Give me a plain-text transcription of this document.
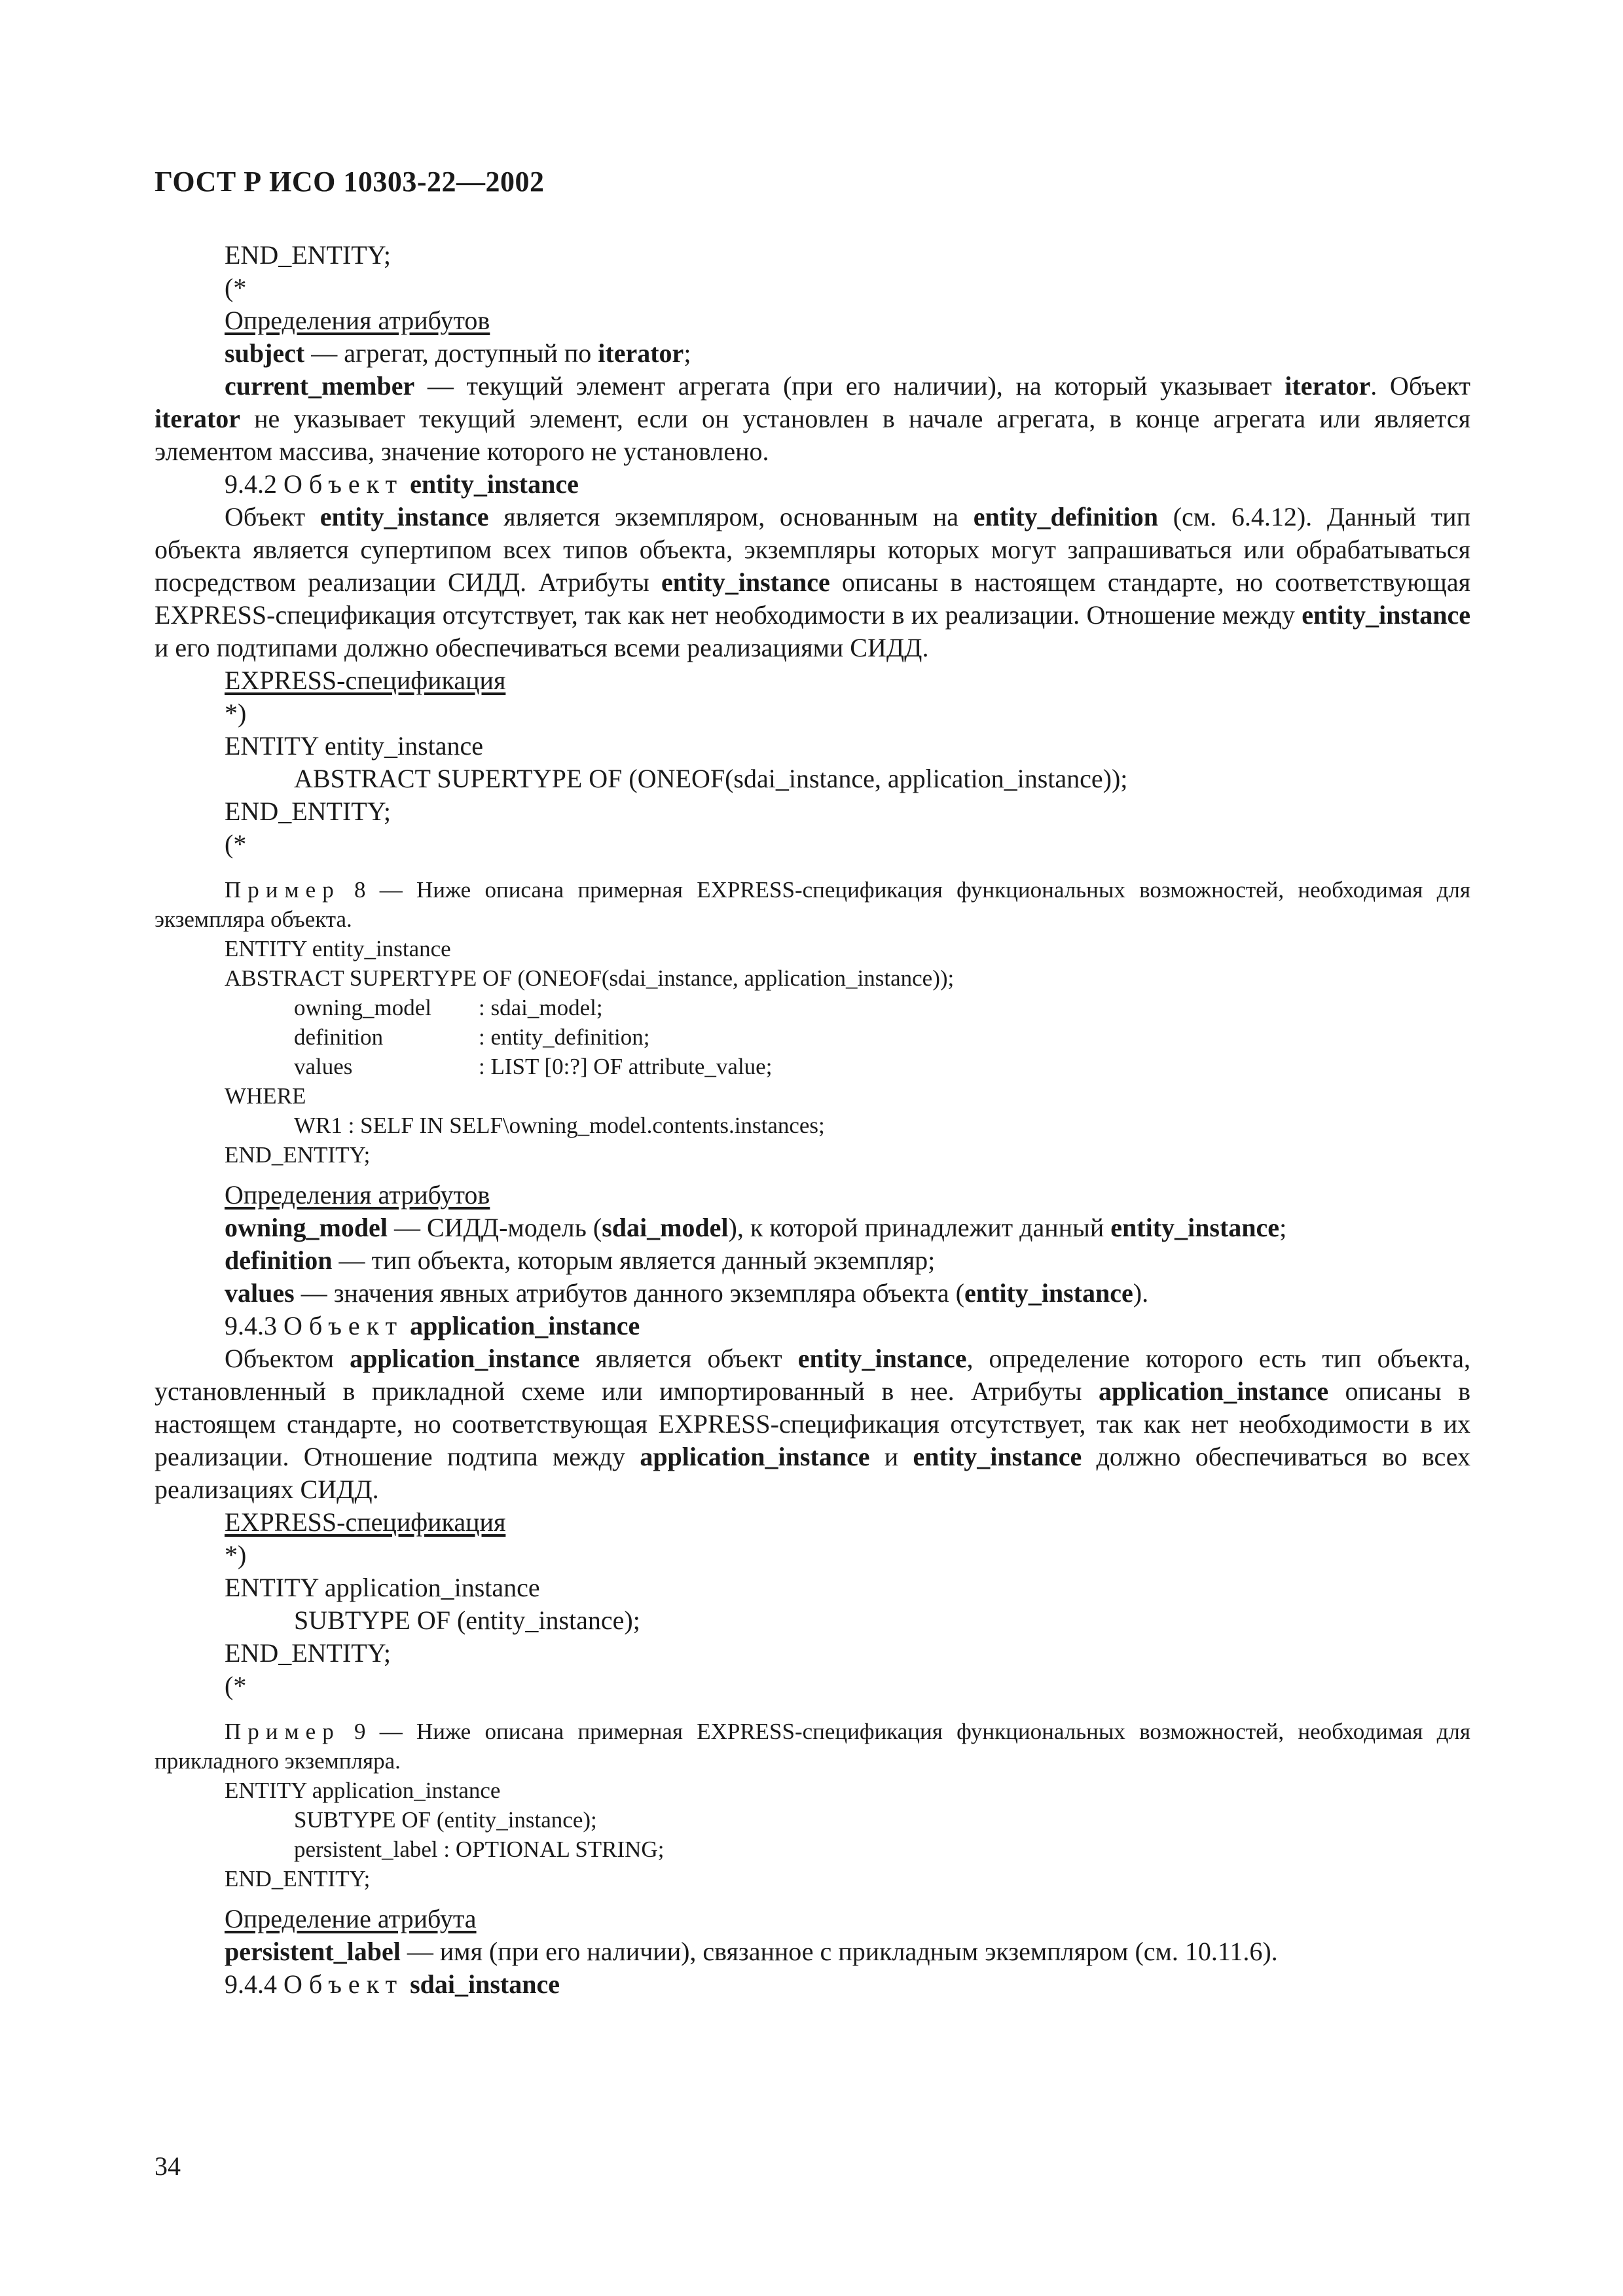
ГОСТ Р ИСО 10303-22—2002

END_ENTITY;

(*

Определения атрибутов

subject — агрегат, доступный по iterator;

current_member — текущий элемент агрегата (при его наличии), на который указывает iterator. Объект iterator не указывает текущий элемент, если он установлен в начале агрегата, в конце агрегата или является элементом массива, значение которого не установлено.

9.4.2 Объект entity_instance

Объект entity_instance является экземпляром, основанным на entity_definition (см. 6.4.12). Данный тип объекта является супертипом всех типов объекта, экземпляры которых могут запрашиваться или обрабатываться посредством реализации СИДД. Атрибуты entity_instance описаны в настоящем стандарте, но соответствующая EXPRESS-спецификация отсутствует, так как нет необходимости в их реализации. Отношение между entity_instance и его подтипами должно обеспечиваться всеми реализациями СИДД.

EXPRESS-спецификация

*)

ENTITY entity_instance

ABSTRACT SUPERTYPE OF (ONEOF(sdai_instance, application_instance));

END_ENTITY;

(*

Пример 8 — Ниже описана примерная EXPRESS-спецификация функциональных возможностей, необходимая для экземпляра объекта.

ENTITY entity_instance

ABSTRACT SUPERTYPE OF (ONEOF(sdai_instance, application_instance));

owning_model : sdai_model;

definition	: entity_definition;

values	: LIST [0:?] OF attribute_value;

WHERE

WR1 : SELF IN SELF\owning_model.contents.instances;

END_ENTITY;

Определения атрибутов

owning_model — СИДД-модель (sdai_model), к которой принадлежит данный entity_instance;

definition — тип объекта, которым является данный экземпляр;

values — значения явных атрибутов данного экземпляра объекта (entity_instance).

9.4.3 Объект application_instance

Объектом application_instance является объект entity_instance, определение которого есть тип объекта, установленный в прикладной схеме или импортированный в нее. Атрибуты application_instance описаны в настоящем стандарте, но соответствующая EXPRESS-спецификация отсутствует, так как нет необходимости в их реализации. Отношение подтипа между application_instance и entity_instance должно обеспечиваться во всех реализациях СИДД.

EXPRESS-спецификация

*)

ENTITY application_instance

SUBTYPE OF (entity_instance);

END_ENTITY;

(*

Пример 9 — Ниже описана примерная EXPRESS-спецификация функциональных возможностей, необходимая для прикладного экземпляра.

ENTITY application_instance

SUBTYPE OF (entity_instance);

persistent_label : OPTIONAL STRING;

END_ENTITY;

Определение атрибута

persistent_label — имя (при его наличии), связанное с прикладным экземпляром (см. 10.11.6).

9.4.4 Объект sdai_instance

34
